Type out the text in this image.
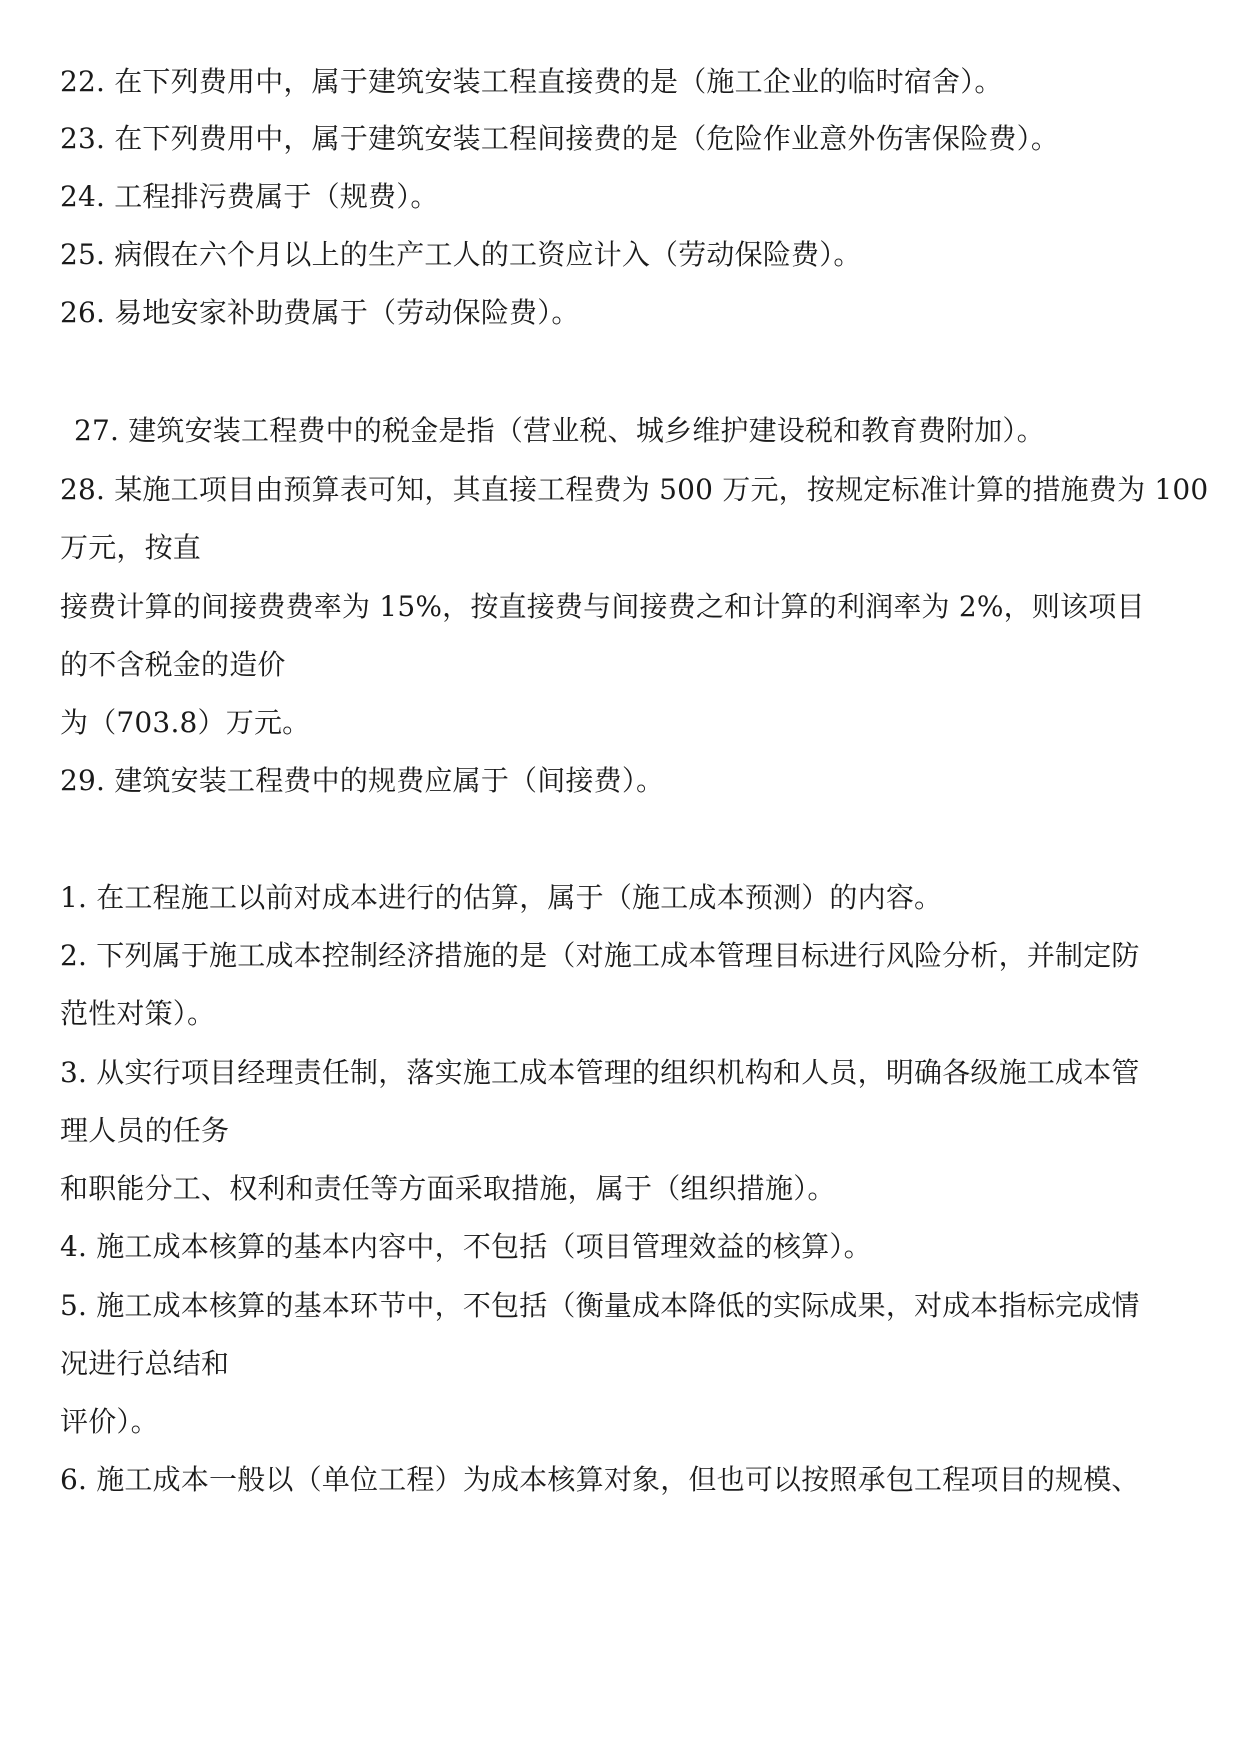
22. 在下列费用中，属于建筑安装工程直接费的是（施工企业的临时宿舍）。
23. 在下列费用中，属于建筑安装工程间接费的是（危险作业意外伤害保险费）。
24. 工程排污费属于（规费）。
25. 病假在六个月以上的生产工人的工资应计入（劳动保险费）。
26. 易地安家补助费属于（劳动保险费）。
27. 建筑安装工程费中的税金是指（营业税、城乡维护建设税和教育费附加）。
28. 某施工项目由预算表可知，其直接工程费为 500 万元，按规定标准计算的措施费为 100
万元，按直
接费计算的间接费费率为 15%，按直接费与间接费之和计算的利润率为 2%，则该项目
的不含税金的造价
为（703.8）万元。
29. 建筑安装工程费中的规费应属于（间接费）。
1. 在工程施工以前对成本进行的估算，属于（施工成本预测）的内容。
2. 下列属于施工成本控制经济措施的是（对施工成本管理目标进行风险分析，并制定防
范性对策）。
3. 从实行项目经理责任制，落实施工成本管理的组织机构和人员，明确各级施工成本管
理人员的任务
和职能分工、权利和责任等方面采取措施，属于（组织措施）。
4. 施工成本核算的基本内容中，不包括（项目管理效益的核算）。
5. 施工成本核算的基本环节中，不包括（衡量成本降低的实际成果，对成本指标完成情
况进行总结和
评价）。
6. 施工成本一般以（单位工程）为成本核算对象，但也可以按照承包工程项目的规模、
